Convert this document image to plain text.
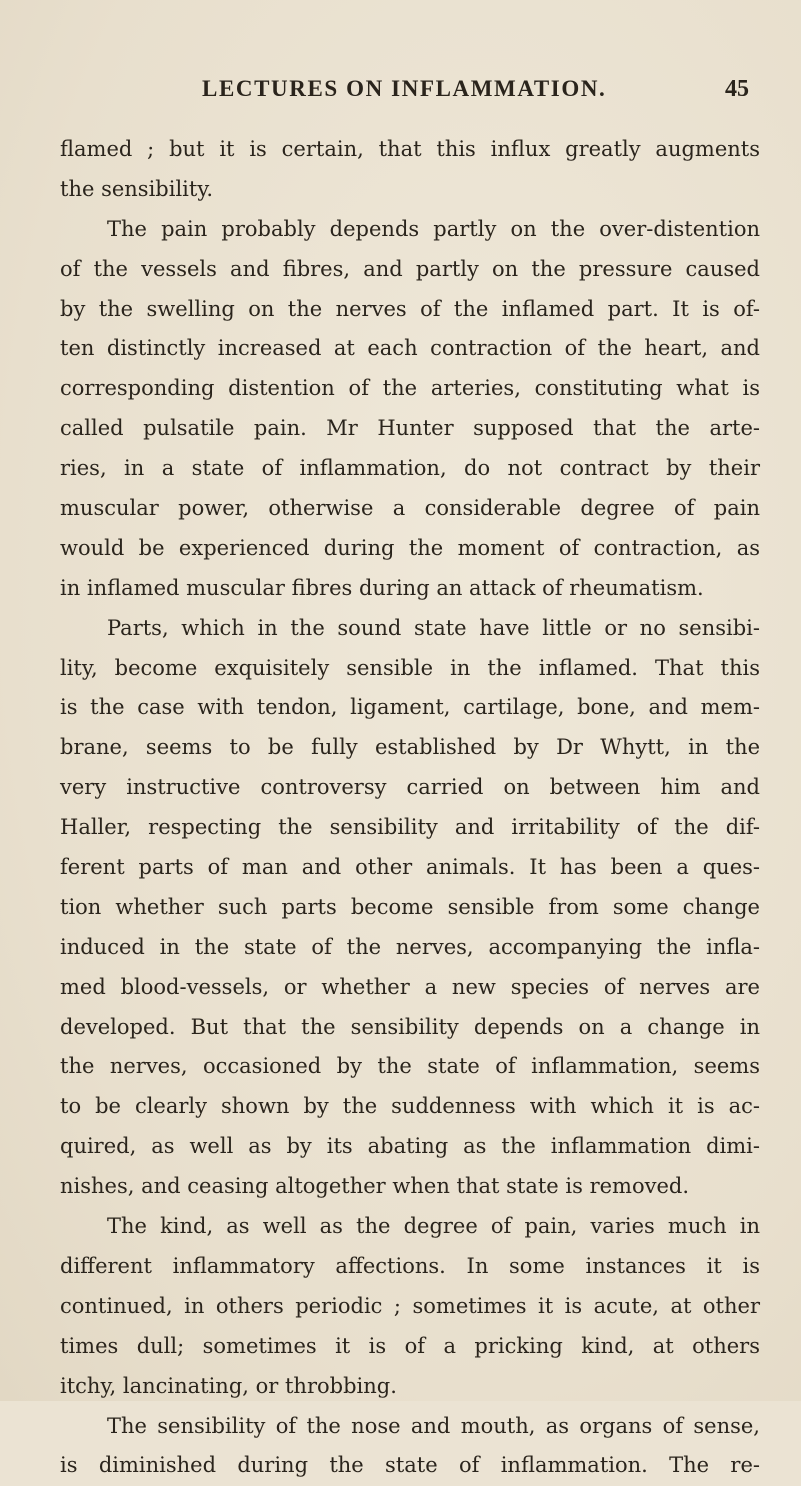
LECTURES ON INFLAMMATION.	45
flamed ; but it is certain, that this influx greatly augments
the sensibility.
The pain probably depends partly on the over-distention
of the vessels and fibres, and partly on the pressure caused
by the swelling on the nerves of the inflamed part. It is of-
ten distinctly increased at each contraction of the heart, and
corresponding distention of the arteries, constituting what is
called pulsatile pain. Mr Hunter supposed that the arte-
ries, in a state of inflammation, do not contract by their
muscular power, otherwise a considerable degree of pain
would be experienced during the moment of contraction, as
in inflamed muscular fibres during an attack of rheumatism.
Parts, which in the sound state have little or no sensibi-
lity, become exquisitely sensible in the inflamed. That this
is the case with tendon, ligament, cartilage, bone, and mem-
brane, seems to be fully established by Dr Whytt, in the
very instructive controversy carried on between him and
Haller, respecting the sensibility and irritability of the dif-
ferent parts of man and other animals. It has been a ques-
tion whether such parts become sensible from some change
induced in the state of the nerves, accompanying the infla-
med blood-vessels, or whether a new species of nerves are
developed. But that the sensibility depends on a change in
the nerves, occasioned by the state of inflammation, seems
to be clearly shown by the suddenness with which it is ac-
quired, as well as by its abating as the inflammation dimi-
nishes, and ceasing altogether when that state is removed.
The kind, as well as the degree of pain, varies much in
different inflammatory affections. In some instances it is
continued, in others periodic ; sometimes it is acute, at other
times dull; sometimes it is of a pricking kind, at others
itchy, lancinating, or throbbing.
The sensibility of the nose and mouth, as organs of sense,
is diminished during the state of inflammation. The re-
